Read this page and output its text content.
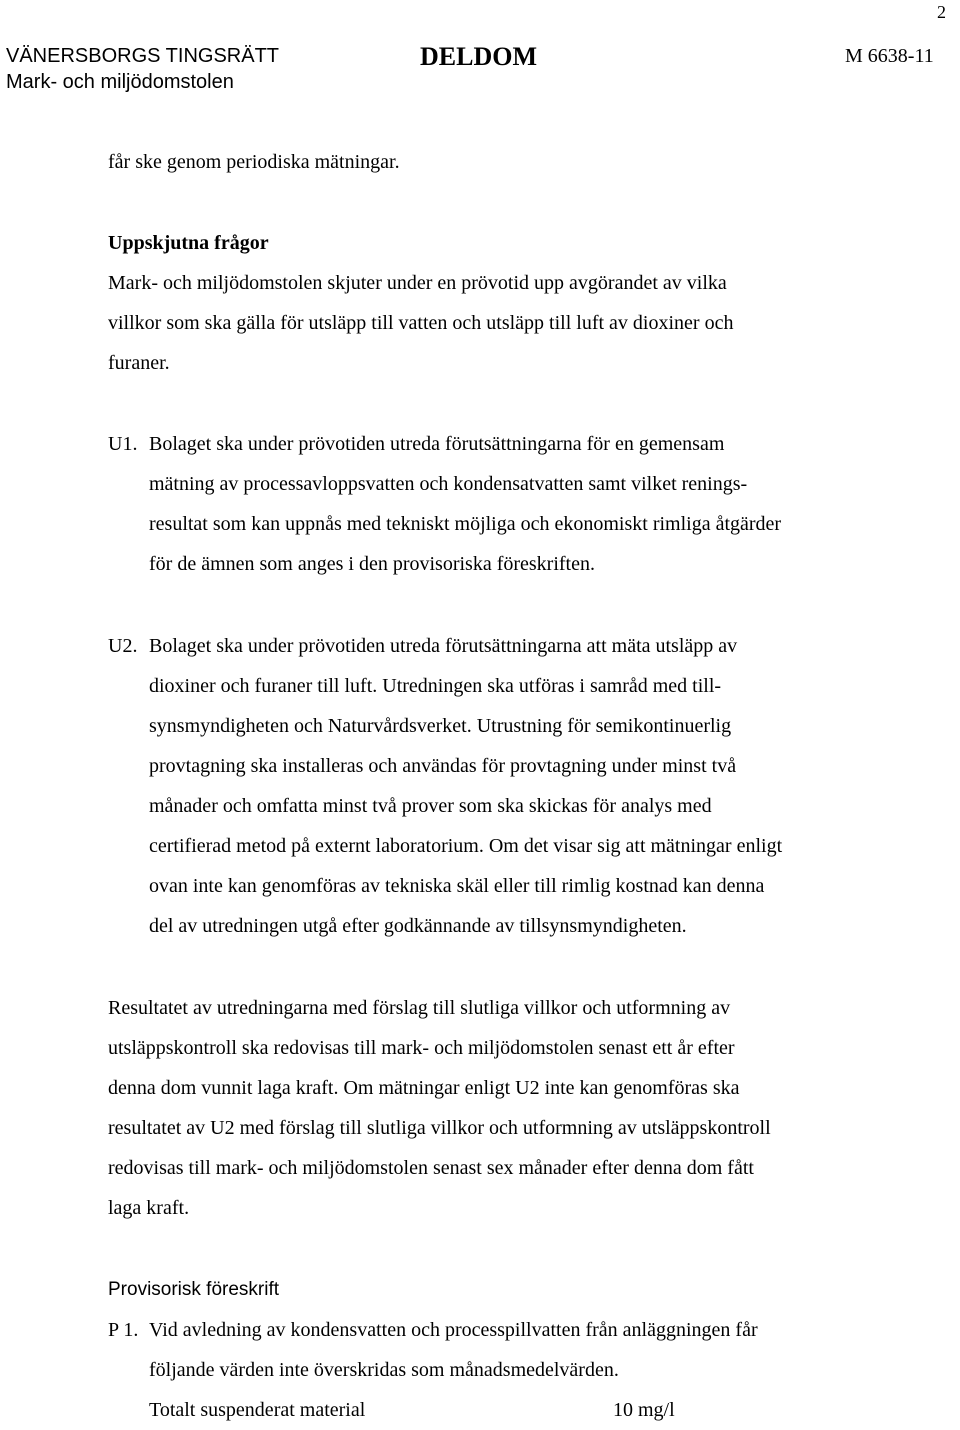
2
VÄNERSBORGS TINGSRÄTT
Mark- och miljödomstolen
DELDOM	M 6638-11
får ske genom periodiska mätningar.
Uppskjutna frågor
Mark- och miljödomstolen skjuter under en prövotid upp avgörandet av vilka
villkor som ska gälla för utsläpp till vatten och utsläpp till luft av dioxiner och
furaner.
U1. Bolaget ska under prövotiden utreda förutsättningarna för en gemensam
mätning av processavloppsvatten och kondensatvatten samt vilket renings-
resultat som kan uppnås med tekniskt möjliga och ekonomiskt rimliga åtgärder
för de ämnen som anges i den provisoriska föreskriften.
U2. Bolaget ska under prövotiden utreda förutsättningarna att mäta utsläpp av
dioxiner och furaner till luft. Utredningen ska utföras i samråd med till-
synsmyndigheten och Naturvårdsverket. Utrustning för semikontinuerlig
provtagning ska installeras och användas för provtagning under minst två
månader och omfatta minst två prover som ska skickas för analys med
certifierad metod på externt laboratorium. Om det visar sig att mätningar enligt
ovan inte kan genomföras av tekniska skäl eller till rimlig kostnad kan denna
del av utredningen utgå efter godkännande av tillsynsmyndigheten.
Resultatet av utredningarna med förslag till slutliga villkor och utformning av
utsläppskontroll ska redovisas till mark- och miljödomstolen senast ett år efter
denna dom vunnit laga kraft. Om mätningar enligt U2 inte kan genomföras ska
resultatet av U2 med förslag till slutliga villkor och utformning av utsläppskontroll
redovisas till mark- och miljödomstolen senast sex månader efter denna dom fått
laga kraft.
Provisorisk föreskrift
P 1. Vid avledning av kondensvatten och processpillvatten från anläggningen får
följande värden inte överskridas som månadsmedelvärden.
Totalt suspenderat material	10 mg/l
